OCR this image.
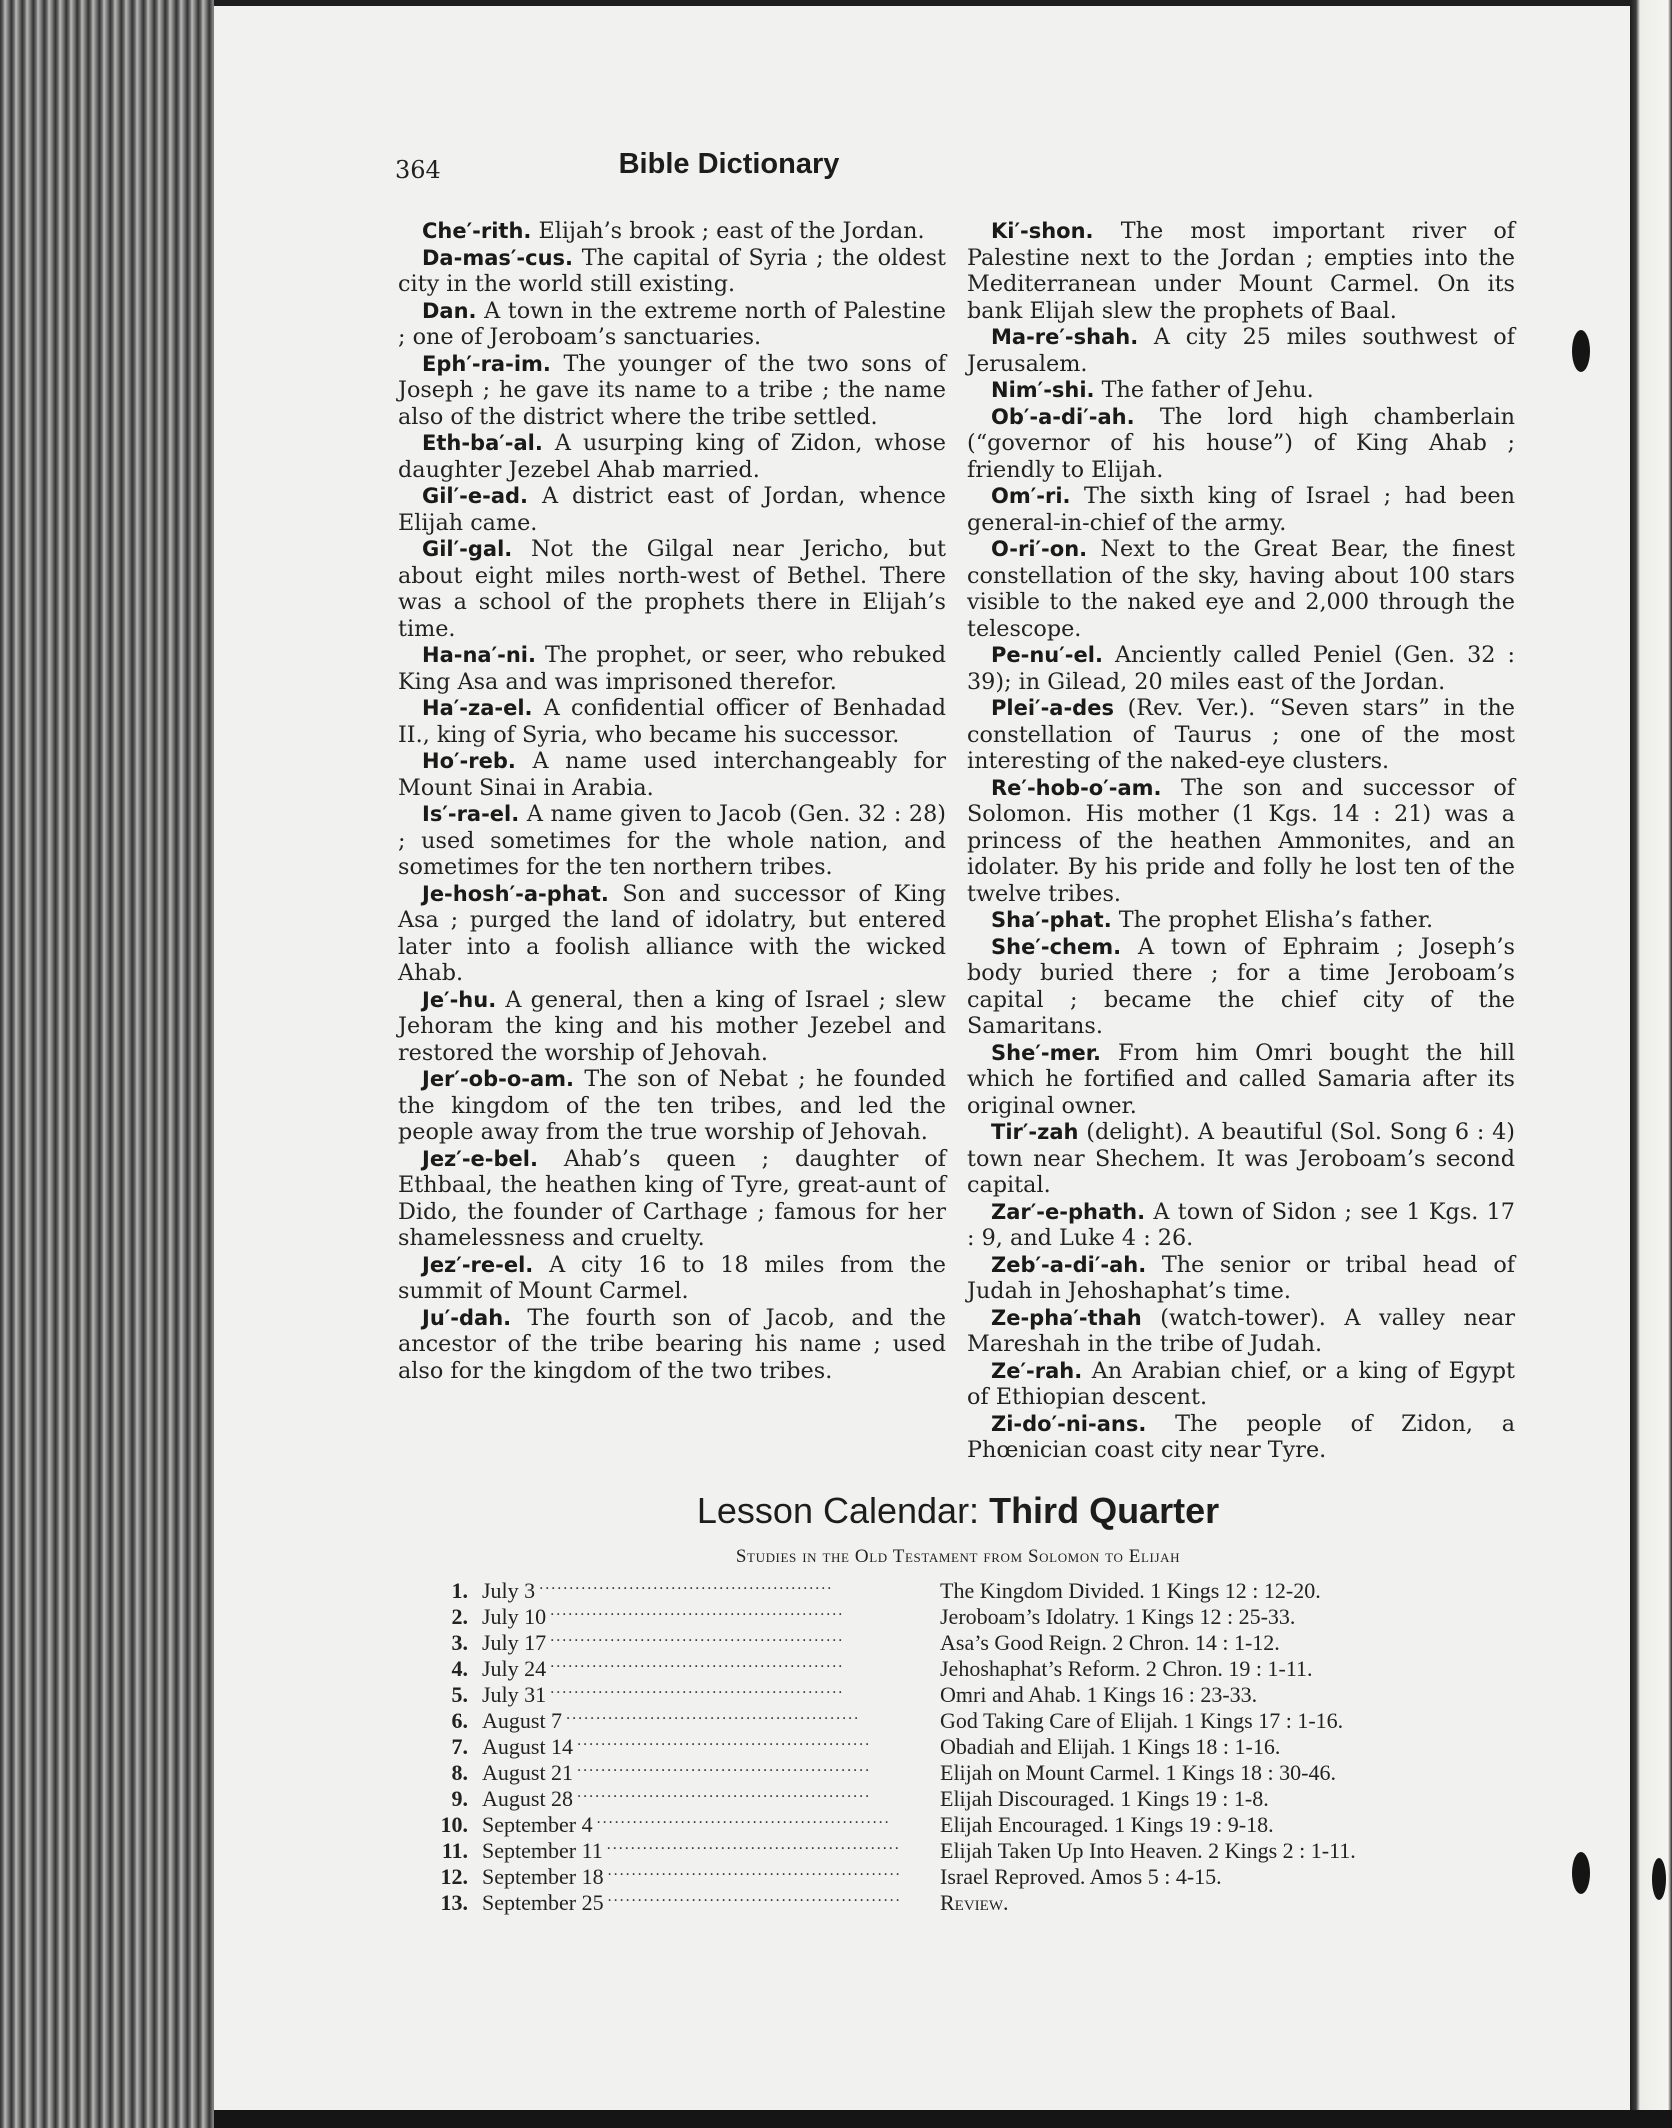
364	Bible Dictionary

Che′-rith. Elijah’s brook ; east of the Jordan.

Da-mas′-cus. The capital of Syria ; the oldest city in the world still existing.

Dan. A town in the extreme north of Palestine ; one of Jeroboam’s sanctuaries.

Eph′-ra-im. The younger of the two sons of Joseph ; he gave its name to a tribe ; the name also of the district where the tribe settled.

Eth-ba′-al. A usurping king of Zidon, whose daughter Jezebel Ahab married.

Gil′-e-ad. A district east of Jordan, whence Elijah came.

Gil′-gal. Not the Gilgal near Jericho, but about eight miles north-west of Bethel. There was a school of the prophets there in Elijah’s time.

Ha-na′-ni. The prophet, or seer, who rebuked King Asa and was imprisoned therefor.

Ha′-za-el. A confidential officer of Benhadad II., king of Syria, who became his successor.

Ho′-reb. A name used interchangeably for Mount Sinai in Arabia.

Is′-ra-el. A name given to Jacob (Gen. 32 : 28) ; used sometimes for the whole nation, and sometimes for the ten northern tribes.

Je-hosh′-a-phat. Son and successor of King Asa ; purged the land of idolatry, but entered later into a foolish alliance with the wicked Ahab.

Je′-hu. A general, then a king of Israel ; slew Jehoram the king and his mother Jezebel and restored the worship of Jehovah.

Jer′-ob-o-am. The son of Nebat ; he founded the kingdom of the ten tribes, and led the people away from the true worship of Jehovah.

Jez′-e-bel. Ahab’s queen ; daughter of Ethbaal, the heathen king of Tyre, great-aunt of Dido, the founder of Carthage ; famous for her shamelessness and cruelty.

Jez′-re-el. A city 16 to 18 miles from the summit of Mount Carmel.

Ju′-dah. The fourth son of Jacob, and the ancestor of the tribe bearing his name ; used also for the kingdom of the two tribes.

Ki′-shon. The most important river of Palestine next to the Jordan ; empties into the Mediterranean under Mount Carmel. On its bank Elijah slew the prophets of Baal.

Ma-re′-shah. A city 25 miles southwest of Jerusalem.

Nim′-shi. The father of Jehu.

Ob′-a-di′-ah. The lord high chamberlain (“governor of his house”) of King Ahab ; friendly to Elijah.

Om′-ri. The sixth king of Israel ; had been general-in-chief of the army.

O-ri′-on. Next to the Great Bear, the finest constellation of the sky, having about 100 stars visible to the naked eye and 2,000 through the telescope.

Pe-nu′-el. Anciently called Peniel (Gen. 32 : 39); in Gilead, 20 miles east of the Jordan.

Plei′-a-des (Rev. Ver.). “Seven stars” in the constellation of Taurus ; one of the most interesting of the naked-eye clusters.

Re′-hob-o′-am. The son and successor of Solomon. His mother (1 Kgs. 14 : 21) was a princess of the heathen Ammonites, and an idolater. By his pride and folly he lost ten of the twelve tribes.

Sha′-phat. The prophet Elisha’s father.

She′-chem. A town of Ephraim ; Joseph’s body buried there ; for a time Jeroboam’s capital ; became the chief city of the Samaritans.

She′-mer. From him Omri bought the hill which he fortified and called Samaria after its original owner.

Tir′-zah (delight). A beautiful (Sol. Song 6 : 4) town near Shechem. It was Jeroboam’s second capital.

Zar′-e-phath. A town of Sidon ; see 1 Kgs. 17 : 9, and Luke 4 : 26.

Zeb′-a-di′-ah. The senior or tribal head of Judah in Jehoshaphat’s time.

Ze-pha′-thah (watch-tower). A valley near Mareshah in the tribe of Judah.

Ze′-rah. An Arabian chief, or a king of Egypt of Ethiopian descent.

Zi-do′-ni-ans. The people of Zidon, a Phœnician coast city near Tyre.

Lesson Calendar: Third Quarter
Studies in the Old Testament from Solomon to Elijah
1. July 3 . . .	The Kingdom Divided. 1 Kings 12 : 12-20.
2. July 10 . . .	Jeroboam’s Idolatry. 1 Kings 12 : 25-33.
3. July 17 . . .	Asa’s Good Reign. 2 Chron. 14 : 1-12.
4. July 24 . . .	Jehoshaphat’s Reform. 2 Chron. 19 : 1-11.
5. July 31 . . .	Omri and Ahab. 1 Kings 16 : 23-33.
6. August 7 . . .	God Taking Care of Elijah. 1 Kings 17 : 1-16.
7. August 14 . . .	Obadiah and Elijah. 1 Kings 18 : 1-16.
8. August 21 . . .	Elijah on Mount Carmel. 1 Kings 18 : 30-46.
9. August 28 . . .	Elijah Discouraged. 1 Kings 19 : 1-8.
10. September 4 . . .	Elijah Encouraged. 1 Kings 19 : 9-18.
11. September 11 . . .	Elijah Taken Up Into Heaven. 2 Kings 2 : 1-11.
12. September 18 . . .	Israel Reproved. Amos 5 : 4-15.
13. September 25 . . .	Review.
